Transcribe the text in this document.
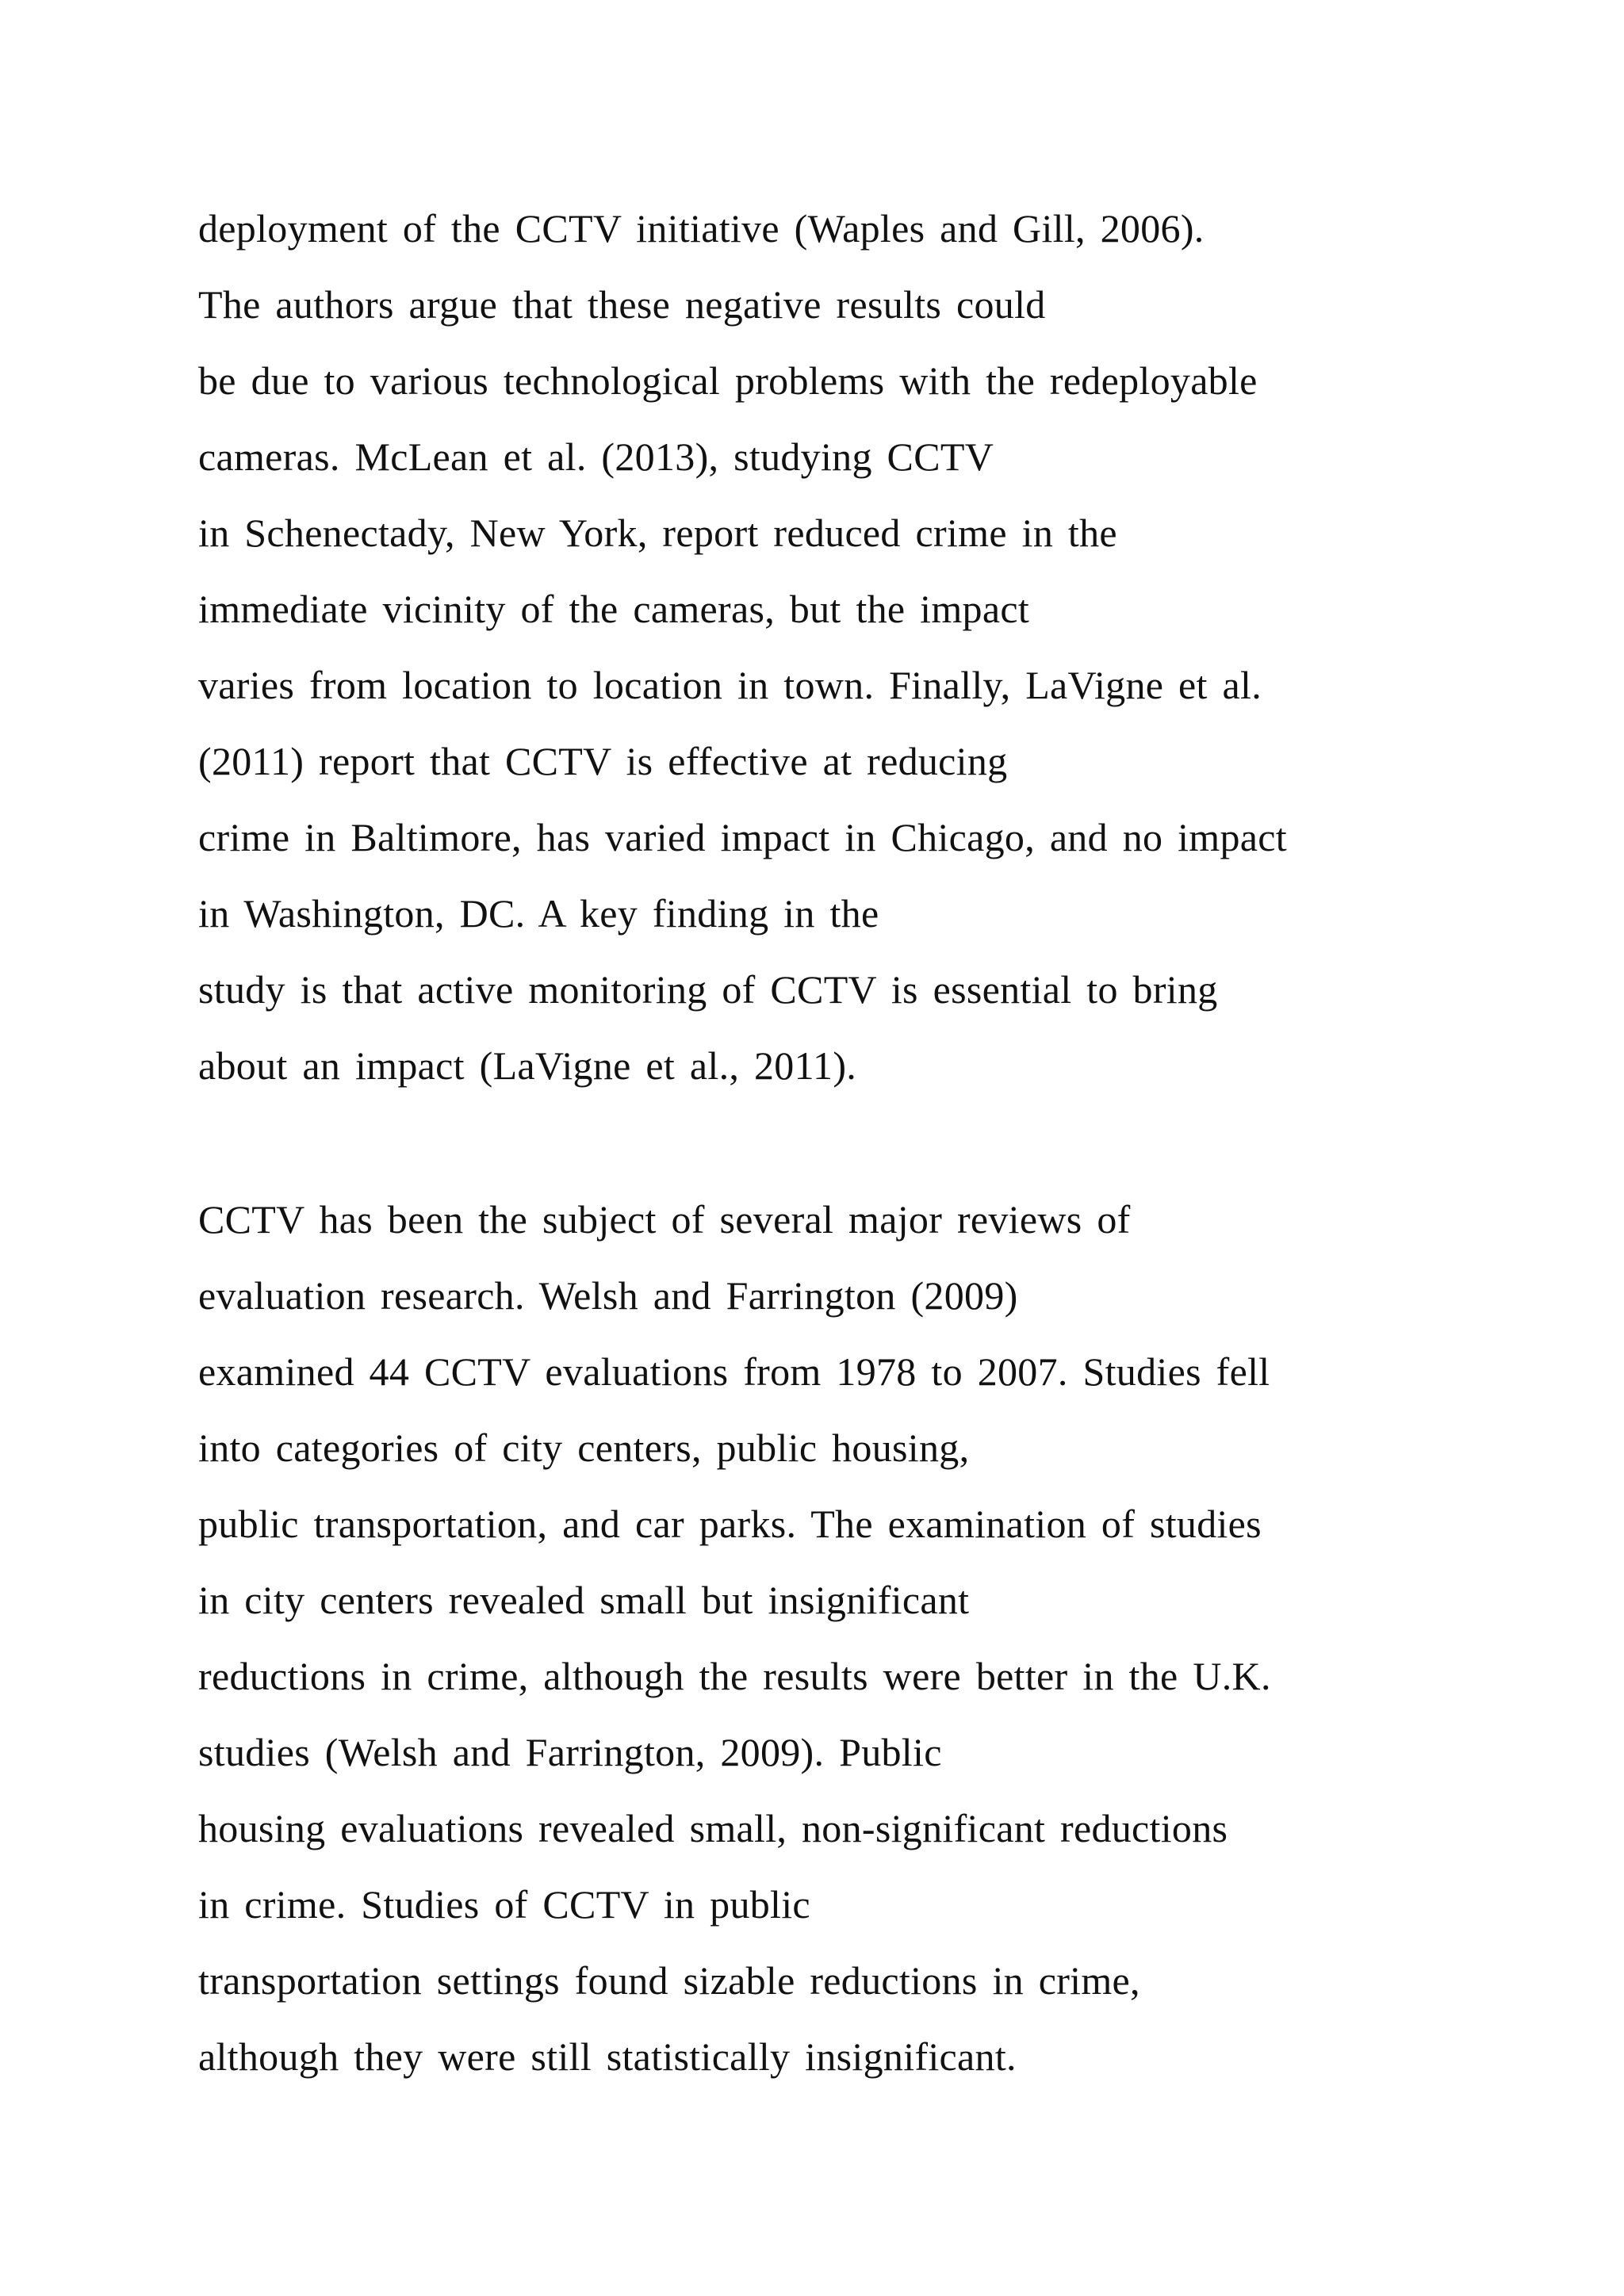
deployment of the CCTV initiative (Waples and Gill, 2006).
The authors argue that these negative results could
be due to various technological problems with the redeployable
cameras. McLean et al. (2013), studying CCTV
in Schenectady, New York, report reduced crime in the
immediate vicinity of the cameras, but the impact
varies from location to location in town. Finally, LaVigne et al.
(2011) report that CCTV is effective at reducing
crime in Baltimore, has varied impact in Chicago, and no impact
in Washington, DC. A key finding in the
study is that active monitoring of CCTV is essential to bring
about an impact (LaVigne et al., 2011).
CCTV has been the subject of several major reviews of
evaluation research. Welsh and Farrington (2009)
examined 44 CCTV evaluations from 1978 to 2007. Studies fell
into categories of city centers, public housing,
public transportation, and car parks. The examination of studies
in city centers revealed small but insignificant
reductions in crime, although the results were better in the U.K.
studies (Welsh and Farrington, 2009). Public
housing evaluations revealed small, non-significant reductions
in crime. Studies of CCTV in public
transportation settings found sizable reductions in crime,
although they were still statistically insignificant.
